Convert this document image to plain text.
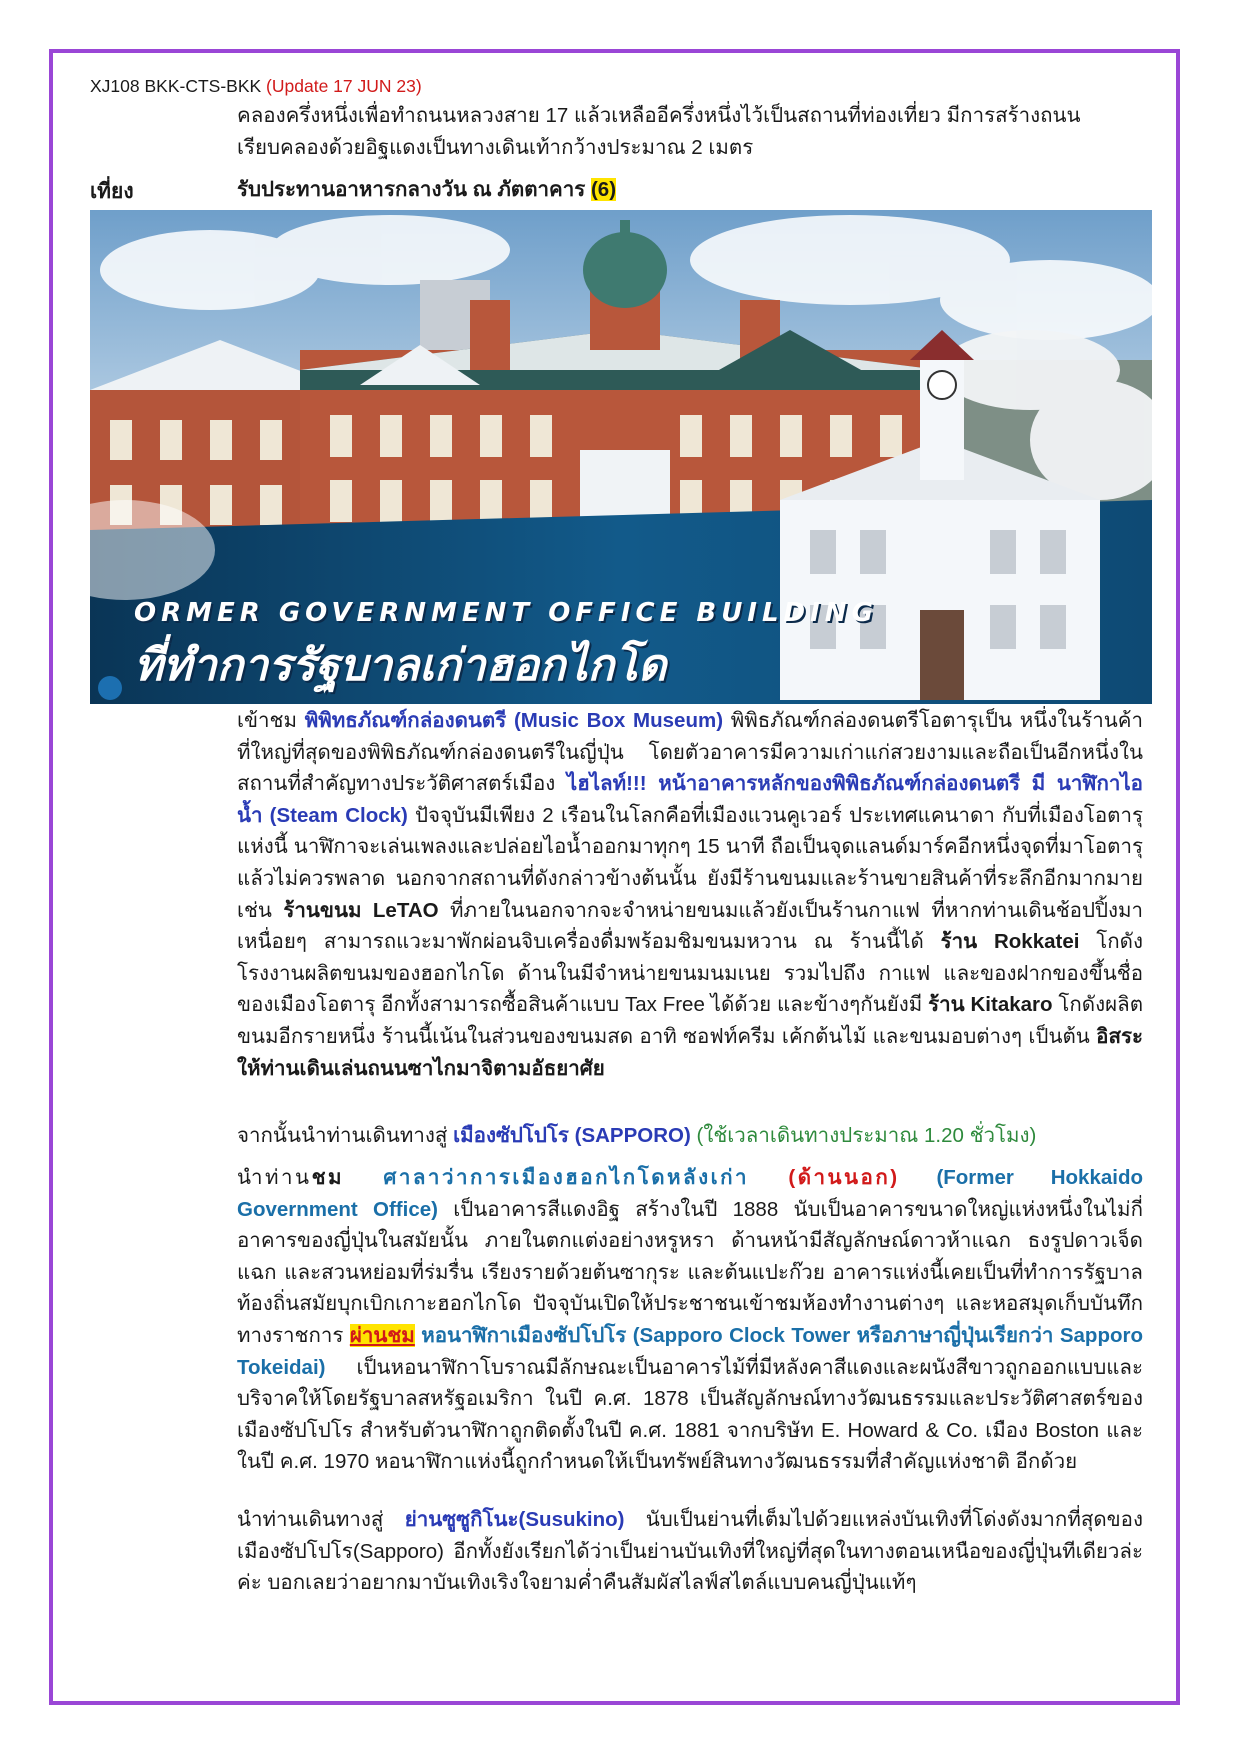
XJ108 BKK-CTS-BKK (Update 17 JUN 23)
คลองครึ่งหนึ่งเพื่อทำถนนหลวงสาย 17 แล้วเหลืออีครึ่งหนึ่งไว้เป็นสถานที่ท่องเที่ยว มีการสร้างถนน
เรียบคลองด้วยอิฐแดงเป็นทางเดินเท้ากว้างประมาณ 2 เมตร
เที่ยง	รับประทานอาหารกลางวัน ณ ภัตตาคาร (6)
ORMER GOVERNMENT OFFICE BUILDING
ที่ทำการรัฐบาลเก่าฮอกไกโด
เข้าชม พิพิทธภัณฑ์กล่องดนตรี (Music Box Museum) พิพิธภัณฑ์กล่องดนตรีโอตารุเป็น หนึ่งในร้านค้าที่ใหญ่ที่สุดของพิพิธภัณฑ์กล่องดนตรีในญี่ปุ่น โดยตัวอาคารมีความเก่าแก่สวยงามและถือเป็นอีกหนึ่งในสถานที่สำคัญทางประวัติศาสตร์เมือง ไฮไลท์!!! หน้าอาคารหลักของพิพิธภัณฑ์กล่องดนตรี มี นาฬิกาไอน้ำ (Steam Clock) ปัจจุบันมีเพียง 2 เรือนในโลกคือที่เมืองแวนคูเวอร์ ประเทศแคนาดา กับที่เมืองโอตารุแห่งนี้ นาฬิกาจะเล่นเพลงและปล่อยไอน้ำออกมาทุกๆ 15 นาที ถือเป็นจุดแลนด์มาร์คอีกหนึ่งจุดที่มาโอตารุแล้วไม่ควรพลาด นอกจากสถานที่ดังกล่าวข้างต้นนั้น ยังมีร้านขนมและร้านขายสินค้าที่ระลึกอีกมากมาย เช่น ร้านขนม LeTAO ที่ภายในนอกจากจะจำหน่ายขนมแล้วยังเป็นร้านกาแฟ ที่หากท่านเดินช้อปปิ้งมาเหนื่อยๆ สามารถแวะมาพักผ่อนจิบเครื่องดื่มพร้อมชิมขนมหวาน ณ ร้านนี้ได้ ร้าน Rokkatei โกดัง โรงงานผลิตขนมของฮอกไกโด ด้านในมีจำหน่ายขนมนมเนย รวมไปถึง กาแฟ และของฝากของขึ้นชื่อของเมืองโอตารุ อีกทั้งสามารถซื้อสินค้าแบบ Tax Free ได้ด้วย และข้างๆกันยังมี ร้าน Kitakaro โกดังผลิตขนมอีกรายหนึ่ง ร้านนี้เน้นในส่วนของขนมสด อาทิ ซอฟท์ครีม เค้กต้นไม้ และขนมอบต่างๆ เป็นต้น อิสระให้ท่านเดินเล่นถนนซาไกมาจิตามอัธยาศัย
จากนั้นนำท่านเดินทางสู่ เมืองซัปโปโร (SAPPORO) (ใช้เวลาเดินทางประมาณ 1.20 ชั่วโมง)
นำท่านชม ศาลาว่าการเมืองฮอกไกโดหลังเก่า (ด้านนอก) (Former Hokkaido Government Office) เป็นอาคารสีแดงอิฐ สร้างในปี 1888 นับเป็นอาคารขนาดใหญ่แห่งหนึ่งในไม่กี่อาคารของญี่ปุ่นในสมัยนั้น ภายในตกแต่งอย่างหรูหรา ด้านหน้ามีสัญลักษณ์ดาวห้าแฉก ธงรูปดาวเจ็ดแฉก และสวนหย่อมที่ร่มรื่น เรียงรายด้วยต้นซากุระ และต้นแปะก๊วย อาคารแห่งนี้เคยเป็นที่ทำการรัฐบาลท้องถิ่นสมัยบุกเบิกเกาะฮอกไกโด ปัจจุบันเปิดให้ประชาชนเข้าชมห้องทำงานต่างๆ และหอสมุดเก็บบันทึกทางราชการ ผ่านชม หอนาฬิกาเมืองซัปโปโร (Sapporo Clock Tower หรือภาษาญี่ปุ่นเรียกว่า Sapporo Tokeidai) เป็นหอนาฬิกาโบราณมีลักษณะเป็นอาคารไม้ที่มีหลังคาสีแดงและผนังสีขาวถูกออกแบบและบริจาคให้โดยรัฐบาลสหรัฐอเมริกา ในปี ค.ศ. 1878 เป็นสัญลักษณ์ทางวัฒนธรรมและประวัติศาสตร์ของเมืองซัปโปโร สำหรับตัวนาฬิกาถูกติดตั้งในปี ค.ศ. 1881 จากบริษัท E. Howard & Co. เมือง Boston และในปี ค.ศ. 1970 หอนาฬิกาแห่งนี้ถูกกำหนดให้เป็นทรัพย์สินทางวัฒนธรรมที่สำคัญแห่งชาติ อีกด้วย
นำท่านเดินทางสู่ ย่านซูซูกิโนะ(Susukino) นับเป็นย่านที่เต็มไปด้วยแหล่งบันเทิงที่โด่งดังมากที่สุดของเมืองซัปโปโร(Sapporo) อีกทั้งยังเรียกได้ว่าเป็นย่านบันเทิงที่ใหญ่ที่สุดในทางตอนเหนือของญี่ปุ่นทีเดียวล่ะค่ะ บอกเลยว่าอยากมาบันเทิงเริงใจยามค่ำคืนสัมผัสไลฟ์สไตล์แบบคนญี่ปุ่นแท้ๆ
